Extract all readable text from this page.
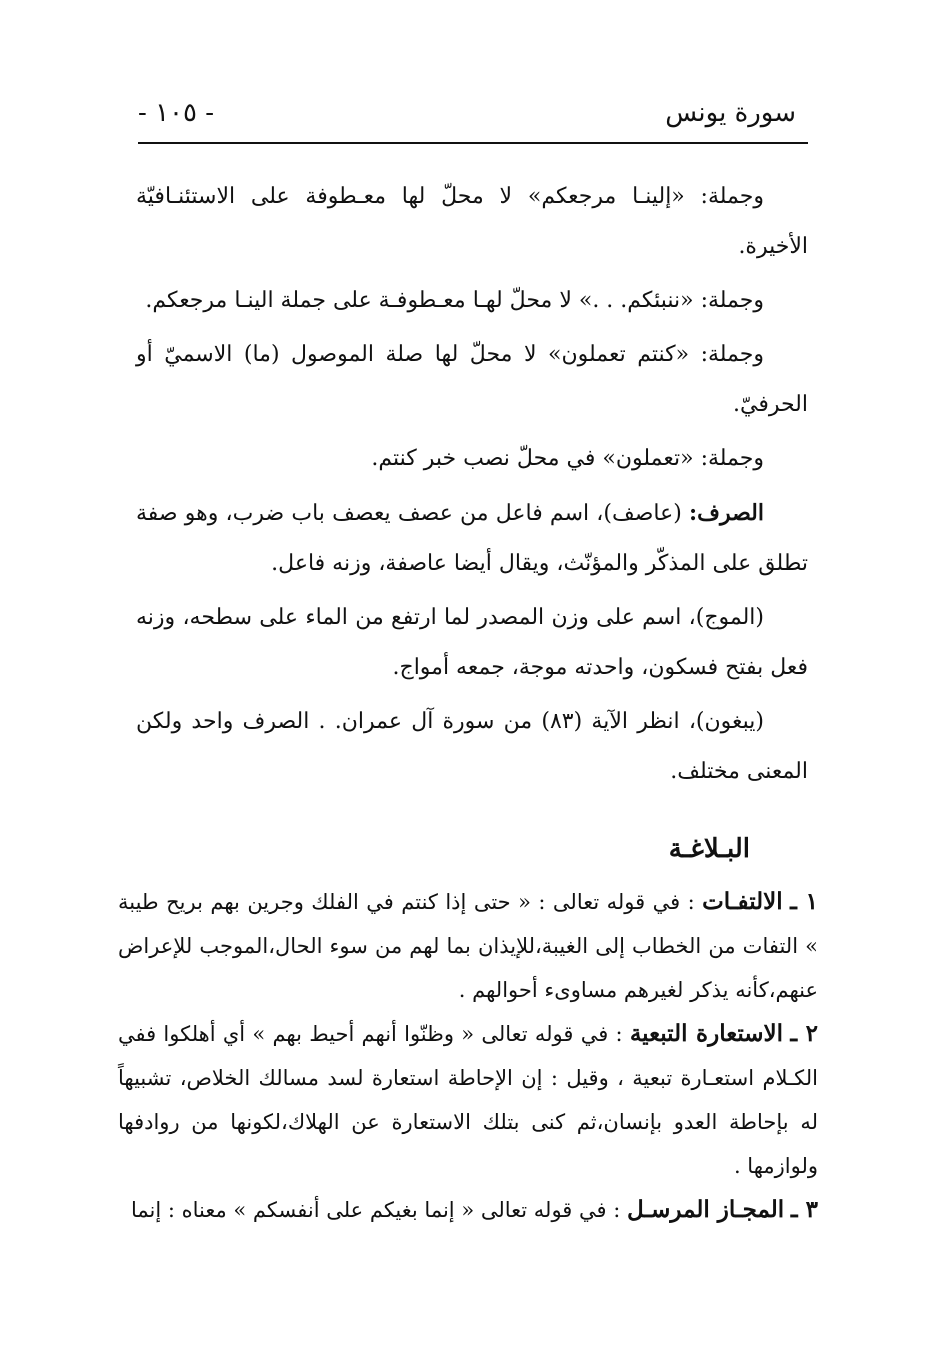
سورة يونس
- ١٠٥ -

وجملة: «إلينـا مرجعكم» لا محلّ لها معـطوفة على الاستئنـافيّة الأخيرة.

وجملة: «ننبئكم. . .» لا محلّ لهـا معـطوفـة على جملة الينـا مرجعكم.

وجملة: «كنتم تعملون» لا محلّ لها صلة الموصول (ما) الاسميّ أو الحرفيّ.

وجملة: «تعملون» في محلّ نصب خبر كنتم.

الصرف: (عاصف)، اسم فاعل من عصف يعصف باب ضرب، وهو صفة تطلق على المذكّر والمؤنّث، ويقال أيضا عاصفة، وزنه فاعل.

(الموج)، اسم على وزن المصدر لما ارتفع من الماء على سطحه، وزنه فعل بفتح فسكون، واحدته موجة، جمعه أمواج.

(يبغون)، انظر الآية (٨٣) من سورة آل عمران. . الصرف واحد ولكن المعنى مختلف.

البـلاغـة

١ ـ الالتفـات : في قوله تعالى : « حتى إذا كنتم في الفلك وجرين بهم بريح طيبة » التفات من الخطاب إلى الغيبة،للإيذان بما لهم من سوء الحال،الموجب للإعراض عنهم،كأنه يذكر لغيرهم مساوىء أحوالهم .

٢ ـ الاستعارة التبعية : في قوله تعالى « وظنّوا أنهم أحيط بهم » أي أهلكوا ففي الكـلام استعـارة تبعية ، وقيل : إن الإحاطة استعارة لسد مسالك الخلاص، تشبيهاً له بإحاطة العدو بإنسان،ثم كنى بتلك الاستعارة عن الهلاك،لكونها من روادفها ولوازمها .

٣ ـ المجـاز المرسـل : في قوله تعالى « إنما بغيكم على أنفسكم » معناه : إنما
